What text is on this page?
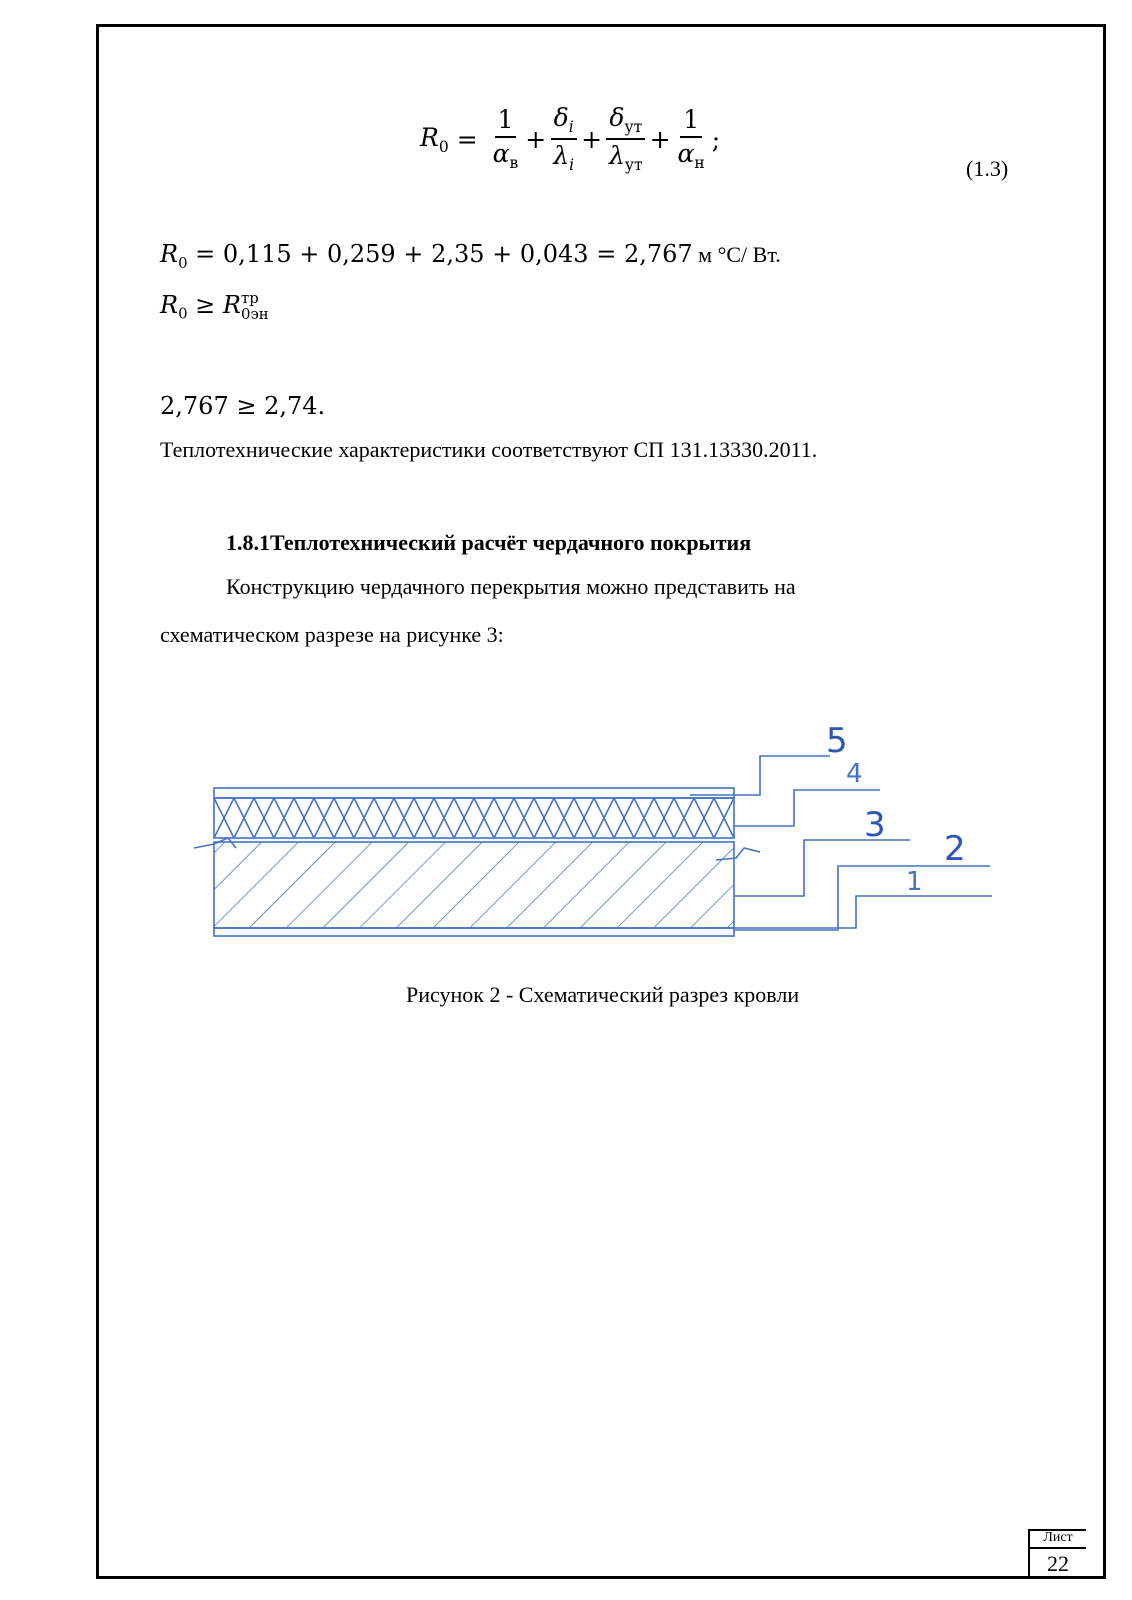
$R_0 = \frac{1}{\alpha_в} + \frac{\delta_i}{\lambda_i} + \frac{\delta_{ут}}{\lambda_{ут}} + \frac{1}{\alpha_н}$ ;
(1.3)
$R_0 = 0,115 + 0,259 + 2,35 + 0,043 = 2,767$ м °С/ Вт.
$R_0 \ge R$ тр
0эн
2,767 ≥ 2,74.
Теплотехнические характеристики соответствуют СП 131.13330.2011.
1.8.1Теплотехнический расчёт чердачного покрытия
Конструкцию чердачного перекрытия можно представить на
схематическом разрезе на рисунке 3:
5
4
3
2
1
Рисунок 2 - Схематический разрез кровли
Лист
22
